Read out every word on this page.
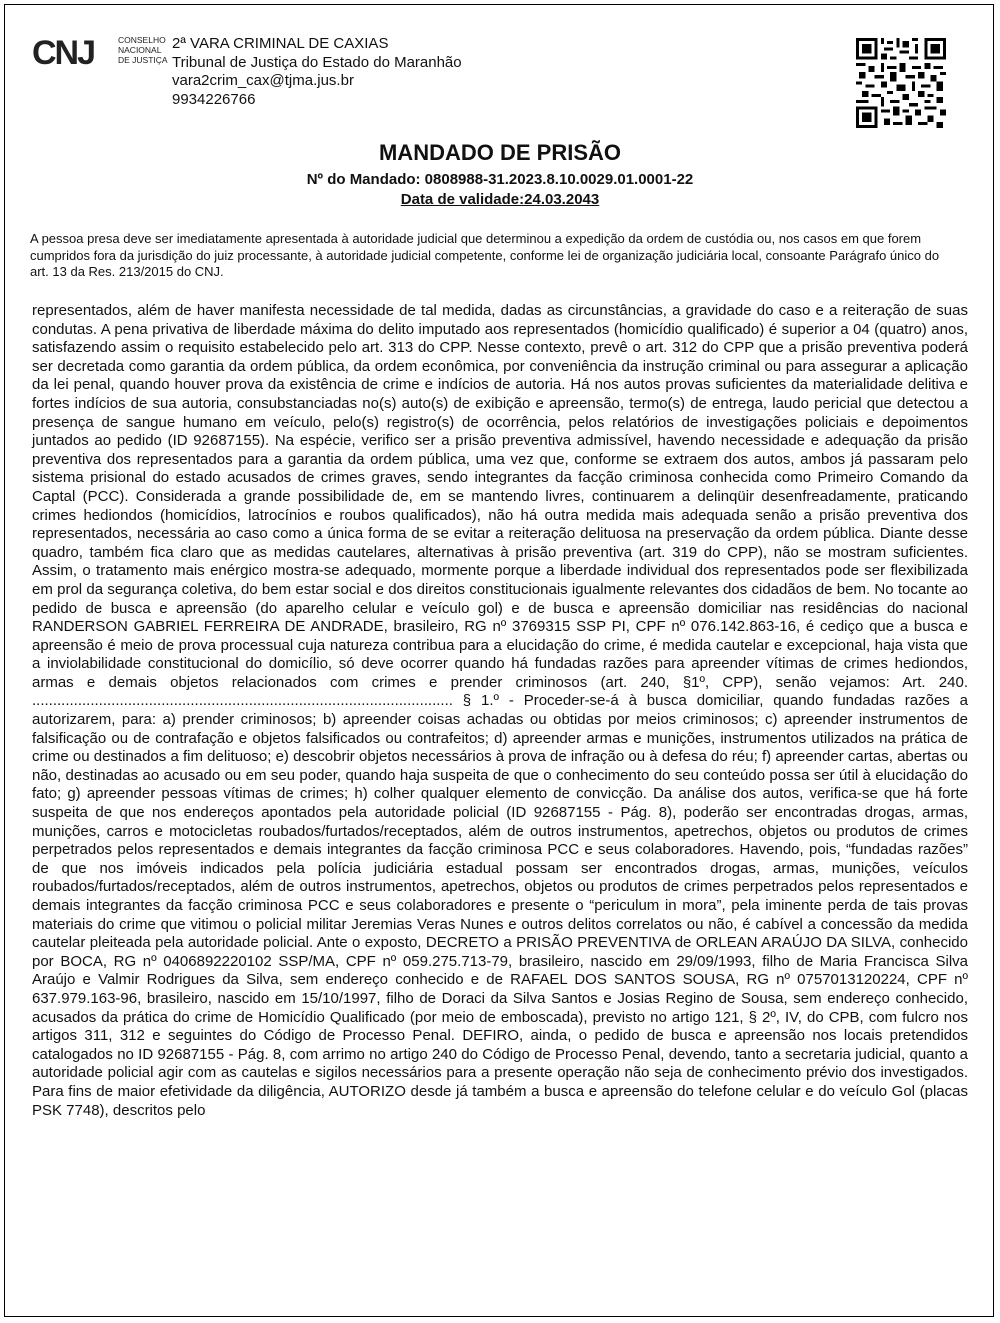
CNJ	CONSELHO
NACIONAL
DE JUSTIÇA
2ª VARA CRIMINAL DE CAXIAS
Tribunal de Justiça do Estado do Maranhão
vara2crim_cax@tjma.jus.br
9934226766
MANDADO DE PRISÃO
Nº do Mandado: 0808988-31.2023.8.10.0029.01.0001-22
Data de validade:24.03.2043
A pessoa presa deve ser imediatamente apresentada à autoridade judicial que determinou a expedição da ordem de custódia ou, nos casos em que forem cumpridos fora da jurisdição do juiz processante, à autoridade judicial competente, conforme lei de organização judiciária local, consoante Parágrafo único do art. 13 da Res. 213/2015 do CNJ.
representados, além de haver manifesta necessidade de tal medida, dadas as circunstâncias, a gravidade do caso e a reiteração de suas condutas. A pena privativa de liberdade máxima do delito imputado aos representados (homicídio qualificado) é superior a 04 (quatro) anos, satisfazendo assim o requisito estabelecido pelo art. 313 do CPP. Nesse contexto, prevê o art. 312 do CPP que a prisão preventiva poderá ser decretada como garantia da ordem pública, da ordem econômica, por conveniência da instrução criminal ou para assegurar a aplicação da lei penal, quando houver prova da existência de crime e indícios de autoria. Há nos autos provas suficientes da materialidade delitiva e fortes indícios de sua autoria, consubstanciadas no(s) auto(s) de exibição e apreensão, termo(s) de entrega, laudo pericial que detectou a presença de sangue humano em veículo, pelo(s) registro(s) de ocorrência, pelos relatórios de investigações policiais e depoimentos juntados ao pedido (ID 92687155). Na espécie, verifico ser a prisão preventiva admissível, havendo necessidade e adequação da prisão preventiva dos representados para a garantia da ordem pública, uma vez que, conforme se extraem dos autos, ambos já passaram pelo sistema prisional do estado acusados de crimes graves, sendo integrantes da facção criminosa conhecida como Primeiro Comando da Captal (PCC). Considerada a grande possibilidade de, em se mantendo livres, continuarem a delinqüir desenfreadamente, praticando crimes hediondos (homicídios, latrocínios e roubos qualificados), não há outra medida mais adequada senão a prisão preventiva dos representados, necessária ao caso como a única forma de se evitar a reiteração delituosa na preservação da ordem pública. Diante desse quadro, também fica claro que as medidas cautelares, alternativas à prisão preventiva (art. 319 do CPP), não se mostram suficientes. Assim, o tratamento mais enérgico mostra-se adequado, mormente porque a liberdade individual dos representados pode ser flexibilizada em prol da segurança coletiva, do bem estar social e dos direitos constitucionais igualmente relevantes dos cidadãos de bem. No tocante ao pedido de busca e apreensão (do aparelho celular e veículo gol) e de busca e apreensão domiciliar nas residências do nacional RANDERSON GABRIEL FERREIRA DE ANDRADE, brasileiro, RG nº 3769315 SSP PI, CPF nº 076.142.863-16, é cediço que a busca e apreensão é meio de prova processual cuja natureza contribua para a elucidação do crime, é medida cautelar e excepcional, haja vista que a inviolabilidade constitucional do domicílio, só deve ocorrer quando há fundadas razões para apreender vítimas de crimes hediondos, armas e demais objetos relacionados com crimes e prender criminosos (art. 240, §1º, CPP), senão vejamos: Art. 240. ..................................................................................................... § 1.º - Proceder-se-á à busca domiciliar, quando fundadas razões a autorizarem, para: a) prender criminosos; b) apreender coisas achadas ou obtidas por meios criminosos; c) apreender instrumentos de falsificação ou de contrafação e objetos falsificados ou contrafeitos; d) apreender armas e munições, instrumentos utilizados na prática de crime ou destinados a fim delituoso; e) descobrir objetos necessários à prova de infração ou à defesa do réu; f) apreender cartas, abertas ou não, destinadas ao acusado ou em seu poder, quando haja suspeita de que o conhecimento do seu conteúdo possa ser útil à elucidação do fato; g) apreender pessoas vítimas de crimes; h) colher qualquer elemento de convicção. Da análise dos autos, verifica-se que há forte suspeita de que nos endereços apontados pela autoridade policial (ID 92687155 - Pág. 8), poderão ser encontradas drogas, armas, munições, carros e motocicletas roubados/furtados/receptados, além de outros instrumentos, apetrechos, objetos ou produtos de crimes perpetrados pelos representados e demais integrantes da facção criminosa PCC e seus colaboradores. Havendo, pois, “fundadas razões” de que nos imóveis indicados pela polícia judiciária estadual possam ser encontrados drogas, armas, munições, veículos roubados/furtados/receptados, além de outros instrumentos, apetrechos, objetos ou produtos de crimes perpetrados pelos representados e demais integrantes da facção criminosa PCC e seus colaboradores e presente o “periculum in mora”, pela iminente perda de tais provas materiais do crime que vitimou o policial militar Jeremias Veras Nunes e outros delitos correlatos ou não, é cabível a concessão da medida cautelar pleiteada pela autoridade policial. Ante o exposto, DECRETO a PRISÃO PREVENTIVA de ORLEAN ARAÚJO DA SILVA, conhecido por BOCA, RG nº 0406892220102 SSP/MA, CPF nº 059.275.713-79, brasileiro, nascido em 29/09/1993, filho de Maria Francisca Silva Araújo e Valmir Rodrigues da Silva, sem endereço conhecido e de RAFAEL DOS SANTOS SOUSA, RG nº 0757013120224, CPF nº 637.979.163-96, brasileiro, nascido em 15/10/1997, filho de Doraci da Silva Santos e Josias Regino de Sousa, sem endereço conhecido, acusados da prática do crime de Homicídio Qualificado (por meio de emboscada), previsto no artigo 121, § 2º, IV, do CPB, com fulcro nos artigos 311, 312 e seguintes do Código de Processo Penal. DEFIRO, ainda, o pedido de busca e apreensão nos locais pretendidos catalogados no ID 92687155 - Pág. 8, com arrimo no artigo 240 do Código de Processo Penal, devendo, tanto a secretaria judicial, quanto a autoridade policial agir com as cautelas e sigilos necessários para a presente operação não seja de conhecimento prévio dos investigados. Para fins de maior efetividade da diligência, AUTORIZO desde já também a busca e apreensão do telefone celular e do veículo Gol (placas PSK 7748), descritos pelo
